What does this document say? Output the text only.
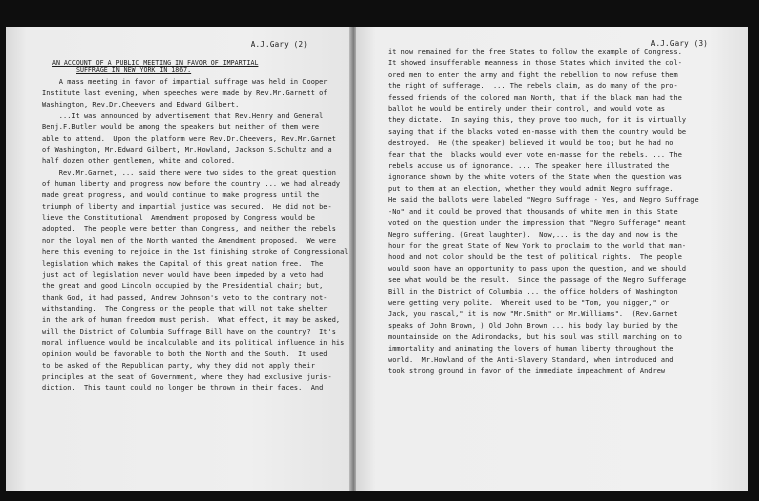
A.J.Gary (2)
AN ACCOUNT OF A PUBLIC MEETING IN FAVOR OF IMPARTIAL
SUFFRAGE IN NEW YORK IN 1867.
A mass meeting in favor of impartial suffrage was held in Cooper
Institute last evening, when speeches were made by Rev.Mr.Garnett of
Washington, Rev.Dr.Cheevers and Edward Gilbert.
...It was announced by advertisement that Rev.Henry and General
Benj.F.Butler would be among the speakers but neither of them were
able to attend.  Upon the platform were Rev.Dr.Cheevers, Rev.Mr.Garnet
of Washington, Mr.Edward Gilbert, Mr.Howland, Jackson S.Schultz and a
half dozen other gentlemen, white and colored.
Rev.Mr.Garnet, ... said there were two sides to the great question
of human liberty and progress now before the country ... we had already
made great progress, and would continue to make progress until the
triumph of liberty and impartial justice was secured.  He did not be-
lieve the Constitutional  Amendment proposed by Congress would be
adopted.  The people were better than Congress, and neither the rebels
nor the loyal men of the North wanted the Amendment proposed.  We were
here this evening to rejoice in the 1st finishing stroke of Congressional
legislation which makes the Capital of this great nation free.  The
just act of legislation never would have been impeded by a veto had
the great and good Lincoln occupied by the Presidential chair; but,
thank God, it had passed, Andrew Johnson's veto to the contrary not-
withstanding.  The Congress or the people that will not take shelter
in the ark of human freedom must perish.  What effect, it may be asked,
will the District of Columbia Suffrage Bill have on the country?  It's
moral influence would be incalculable and its political influence in his
opinion would be favorable to both the North and the South.  It used
to be asked of the Republican party, why they did not apply their
principles at the seat of Government, where they had exclusive juris-
diction.  This taunt could no longer be thrown in their faces.  And
A.J.Gary (3)
it now remained for the free States to follow the example of Congress.
It showed insufferable meanness in those States which invited the col-
ored men to enter the army and fight the rebellion to now refuse them
the right of sufferage.  ... The rebels claim, as do many of the pro-
fessed friends of the colored man North, that if the black man had the
ballot he would be entirely under their control, and would vote as
they dictate.  In saying this, they prove too much, for it is virtually
saying that if the blacks voted en-masse with them the country would be
destroyed.  He (the speaker) believed it would be too; but he had no
fear that the  blacks would ever vote en-masse for the rebels. ... The
rebels accuse us of ignorance. ... The speaker here illustrated the
ignorance shown by the white voters of the State when the question was
put to them at an election, whether they would admit Negro suffrage.
He said the ballots were labeled "Negro Suffrage - Yes, and Negro Suffrage
-No" and it could be proved that thousands of white men in this State
voted on the question under the impression that "Negro Sufferage" meant
Negro suffering. (Great laughter).  Now,... is the day and now is the
hour for the great State of New York to proclaim to the world that man-
hood and not color should be the test of political rights.  The people
would soon have an opportunity to pass upon the question, and we should
see what would be the result.  Since the passage of the Negro Sufferage
Bill in the District of Columbia ... the office holders of Washington
were getting very polite.  Whereit used to be "Tom, you nigger," or
Jack, you rascal," it is now "Mr.Smith" or Mr.Williams".  (Rev.Garnet
speaks of John Brown, ) Old John Brown ... his body lay buried by the
mountainside on the Adirondacks, but his soul was still marching on to
immortality and animating the lovers of human liberty throughout the
world.  Mr.Howland of the Anti-Slavery Standard, when introduced and
took strong ground in favor of the immediate impeachment of Andrew
